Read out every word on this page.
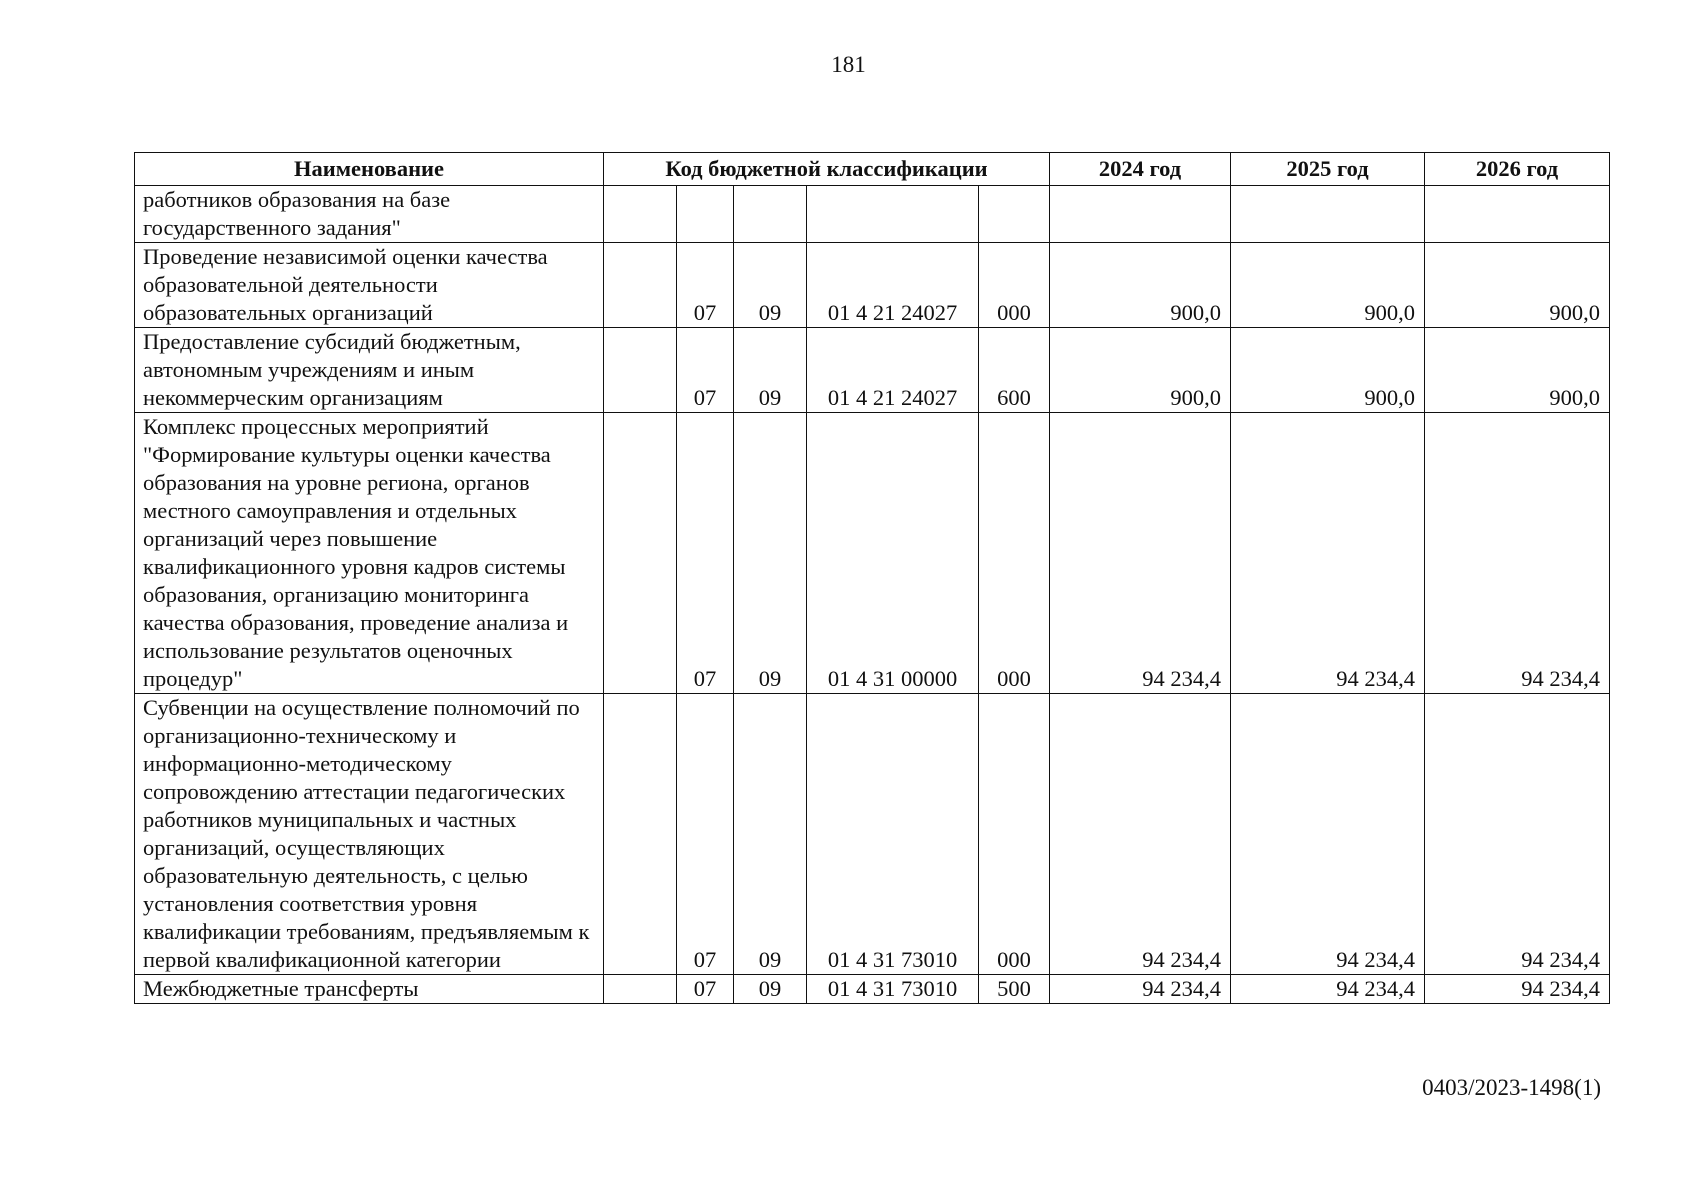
181
Наименование	Код бюджетной классификации					2024 год	2025 год	2026 год
работников образования на базе государственного задания"								
Проведение независимой оценки качества образовательной деятельности образовательных организаций		07	09	01 4 21 24027	000	900,0	900,0	900,0
Предоставление субсидий бюджетным, автономным учреждениям и иным некоммерческим организациям		07	09	01 4 21 24027	600	900,0	900,0	900,0
Комплекс процессных мероприятий "Формирование культуры оценки качества образования на уровне региона, органов местного самоуправления и отдельных организаций через повышение квалификационного уровня кадров системы образования, организацию мониторинга качества образования, проведение анализа и использование результатов оценочных процедур"		07	09	01 4 31 00000	000	94 234,4	94 234,4	94 234,4
Субвенции на осуществление полномочий по организационно-техническому и информационно-методическому сопровождению аттестации педагогических работников муниципальных и частных организаций, осуществляющих образовательную деятельность, с целью установления соответствия уровня квалификации требованиям, предъявляемым к первой квалификационной категории		07	09	01 4 31 73010	000	94 234,4	94 234,4	94 234,4
Межбюджетные трансферты		07	09	01 4 31 73010	500	94 234,4	94 234,4	94 234,4
0403/2023-1498(1)
